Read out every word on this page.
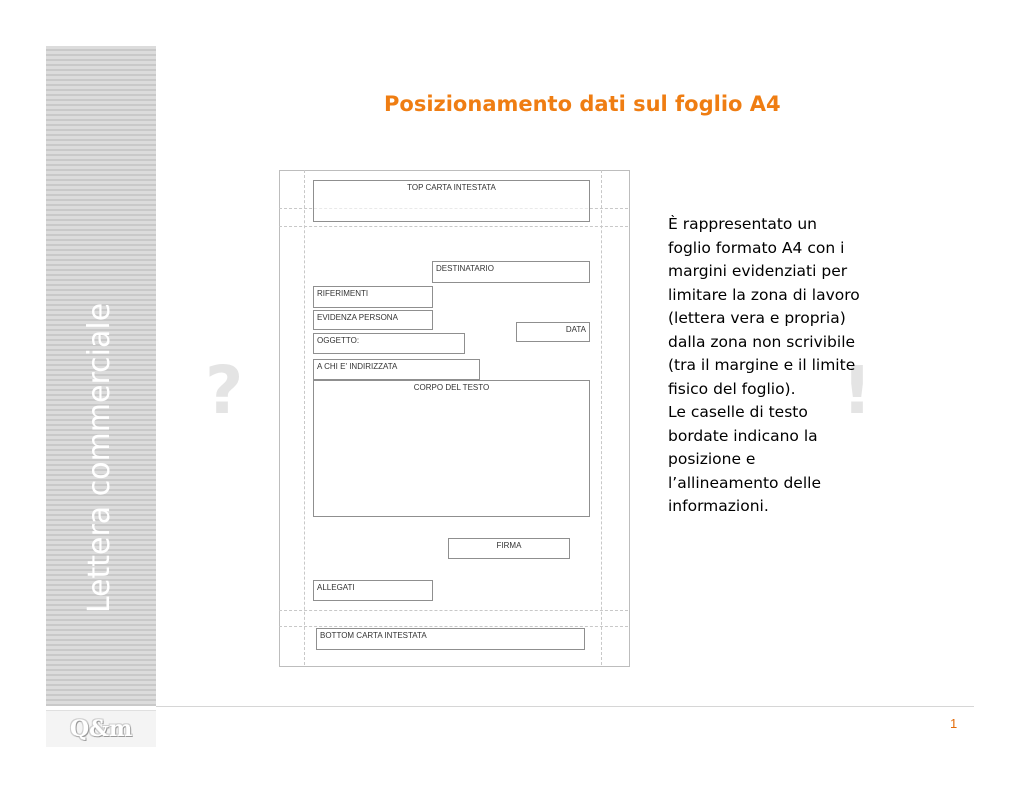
Lettera commerciale
Q&m	1
Posizionamento dati sul foglio A4
?	!
TOP CARTA INTESTATA
DESTINATARIO
RIFERIMENTI
EVIDENZA PERSONA
DATA
OGGETTO:
A CHI E' INDIRIZZATA
CORPO DEL TESTO
FIRMA
ALLEGATI
BOTTOM CARTA INTESTATA
È rappresentato un
foglio formato A4 con i
margini evidenziati per
limitare la zona di lavoro
(lettera vera e propria)
dalla zona non scrivibile
(tra il margine e il limite
fisico del foglio).
Le caselle di testo
bordate indicano la
posizione e
l’allineamento delle
informazioni.
